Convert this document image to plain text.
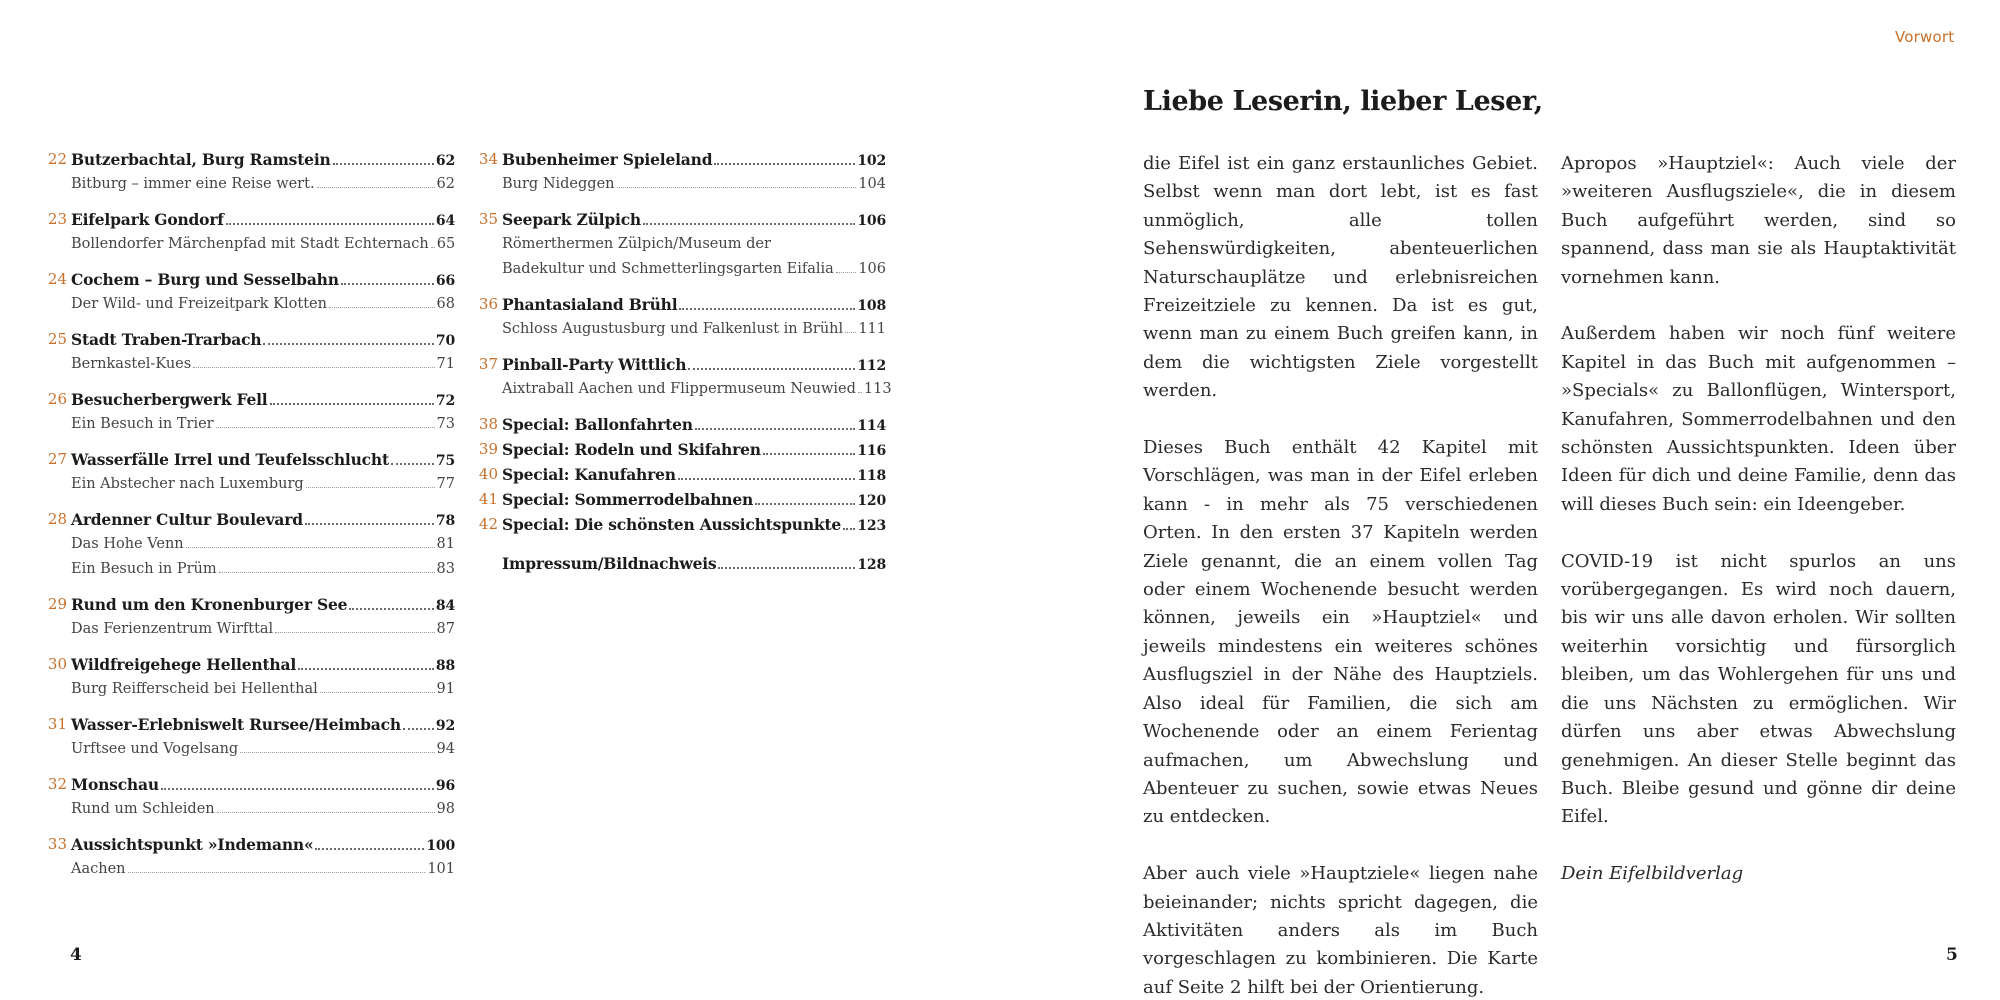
Vorwort
22 Butzerbachtal, Burg Ramstein	62
Bitburg – immer eine Reise wert.	62
23 Eifelpark Gondorf	64
Bollendorfer Märchenpfad mit Stadt Echternach 65
24 Cochem – Burg und Sesselbahn	66
Der Wild- und Freizeitpark Klotten	68
25 Stadt Traben-Trarbach	70
Bernkastel-Kues	71
26 Besucherbergwerk Fell	72
Ein Besuch in Trier	73
27 Wasserfälle Irrel und Teufelsschlucht	75
Ein Abstecher nach Luxemburg	77
28 Ardenner Cultur Boulevard	78
Das Hohe Venn	81
Ein Besuch in Prüm	83
29 Rund um den Kronenburger See	84
Das Ferienzentrum Wirfttal	87
30 Wildfreigehege Hellenthal	88
Burg Reifferscheid bei Hellenthal	91
31 Wasser-Erlebniswelt Rursee/Heimbach 92
Urftsee und Vogelsang	94
32 Monschau	96
Rund um Schleiden	98
33 Aussichtspunkt »Indemann«	100
Aachen	101
34 Bubenheimer Spieleland	102
Burg Nideggen	104
35 Seepark Zülpich	106
Römerthermen Zülpich/Museum der
Badekultur und Schmetterlingsgarten Eifalia 106
36 Phantasialand Brühl	108
Schloss Augustusburg und Falkenlust in Brühl 111
37 Pinball-Party Wittlich	112
Aixtraball Aachen und Flippermuseum Neuwied 113
38 Special: Ballonfahrten	114
39 Special: Rodeln und Skifahren	116
40 Special: Kanufahren	118
41 Special: Sommerrodelbahnen	120
42 Special: Die schönsten Aussichtspunkte 123
Impressum/Bildnachweis	128
4
Liebe Leserin, lieber Leser,

die Eifel ist ein ganz erstaunliches Gebiet. Selbst wenn man dort lebt, ist es fast unmöglich, alle tollen Sehenswürdigkeiten, abenteuerlichen Naturschauplätze und erlebnisreichen Freizeitziele zu kennen. Da ist es gut, wenn man zu einem Buch greifen kann, in dem die wichtigsten Ziele vorgestellt werden.

Dieses Buch enthält 42 Kapitel mit Vorschlägen, was man in der Eifel erleben kann - in mehr als 75 verschiedenen Orten. In den ersten 37 Kapiteln werden Ziele genannt, die an einem vollen Tag oder einem Wochenende besucht werden können, jeweils ein »Hauptziel« und jeweils mindestens ein weiteres schönes Ausflugsziel in der Nähe des Hauptziels. Also ideal für Familien, die sich am Wochenende oder an einem Ferientag aufmachen, um Abwechslung und Abenteuer zu suchen, sowie etwas Neues zu entdecken.

Aber auch viele »Hauptziele« liegen nahe beieinander; nichts spricht dagegen, die Aktivitäten anders als im Buch vorgeschlagen zu kombinieren. Die Karte auf Seite 2 hilft bei der Orientierung.

Apropos »Hauptziel«: Auch viele der »weiteren Ausflugsziele«, die in diesem Buch aufgeführt werden, sind so spannend, dass man sie als Hauptaktivität vornehmen kann.

Außerdem haben wir noch fünf weitere Kapitel in das Buch mit aufgenommen – »Specials« zu Ballonflügen, Wintersport, Kanufahren, Sommerrodelbahnen und den schönsten Aussichtspunkten. Ideen über Ideen für dich und deine Familie, denn das will dieses Buch sein: ein Ideengeber.

COVID-19 ist nicht spurlos an uns vorübergegangen. Es wird noch dauern, bis wir uns alle davon erholen. Wir sollten weiterhin vorsichtig und fürsorglich bleiben, um das Wohlergehen für uns und die uns Nächsten zu ermöglichen. Wir dürfen uns aber etwas Abwechslung genehmigen. An dieser Stelle beginnt das Buch. Bleibe gesund und gönne dir deine Eifel.

Dein Eifelbildverlag

5
